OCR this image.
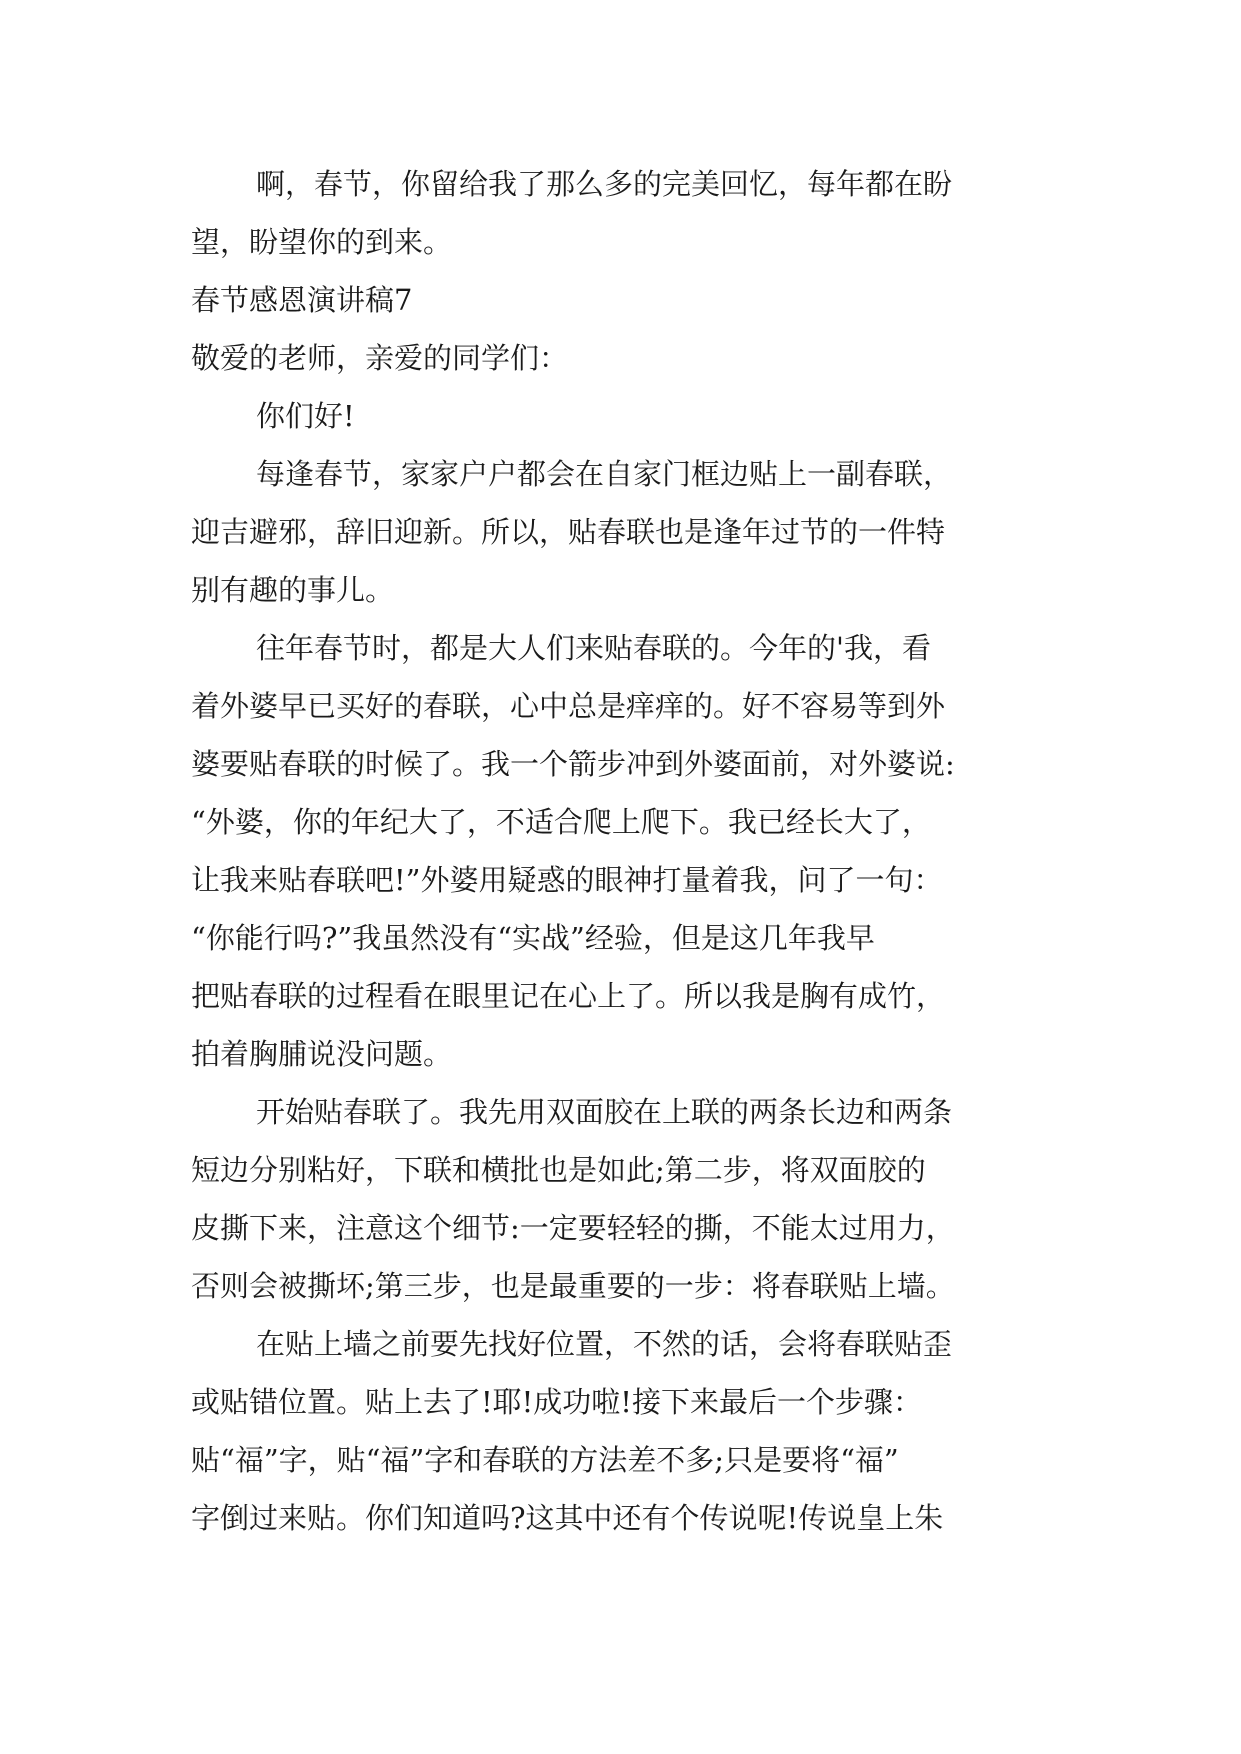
啊，春节，你留给我了那么多的完美回忆，每年都在盼

望，盼望你的到来。

春节感恩演讲稿7

敬爱的老师，亲爱的同学们：

你们好!

每逢春节，家家户户都会在自家门框边贴上一副春联，

迎吉避邪，辞旧迎新。所以，贴春联也是逢年过节的一件特

别有趣的事儿。

往年春节时，都是大人们来贴春联的。今年的'我，看

着外婆早已买好的春联，心中总是痒痒的。好不容易等到外

婆要贴春联的时候了。我一个箭步冲到外婆面前，对外婆说:

“外婆，你的年纪大了，不适合爬上爬下。我已经长大了，

让我来贴春联吧!”外婆用疑惑的眼神打量着我，问了一句：

“你能行吗?”我虽然没有“实战”经验，但是这几年我早

把贴春联的过程看在眼里记在心上了。所以我是胸有成竹，

拍着胸脯说没问题。

开始贴春联了。我先用双面胶在上联的两条长边和两条

短边分别粘好，下联和横批也是如此;第二步，将双面胶的

皮撕下来，注意这个细节:一定要轻轻的撕，不能太过用力，

否则会被撕坏;第三步，也是最重要的一步：将春联贴上墙。

在贴上墙之前要先找好位置，不然的话，会将春联贴歪

或贴错位置。贴上去了!耶!成功啦!接下来最后一个步骤：

贴“福”字，贴“福”字和春联的方法差不多;只是要将“福”

字倒过来贴。你们知道吗?这其中还有个传说呢!传说皇上朱
